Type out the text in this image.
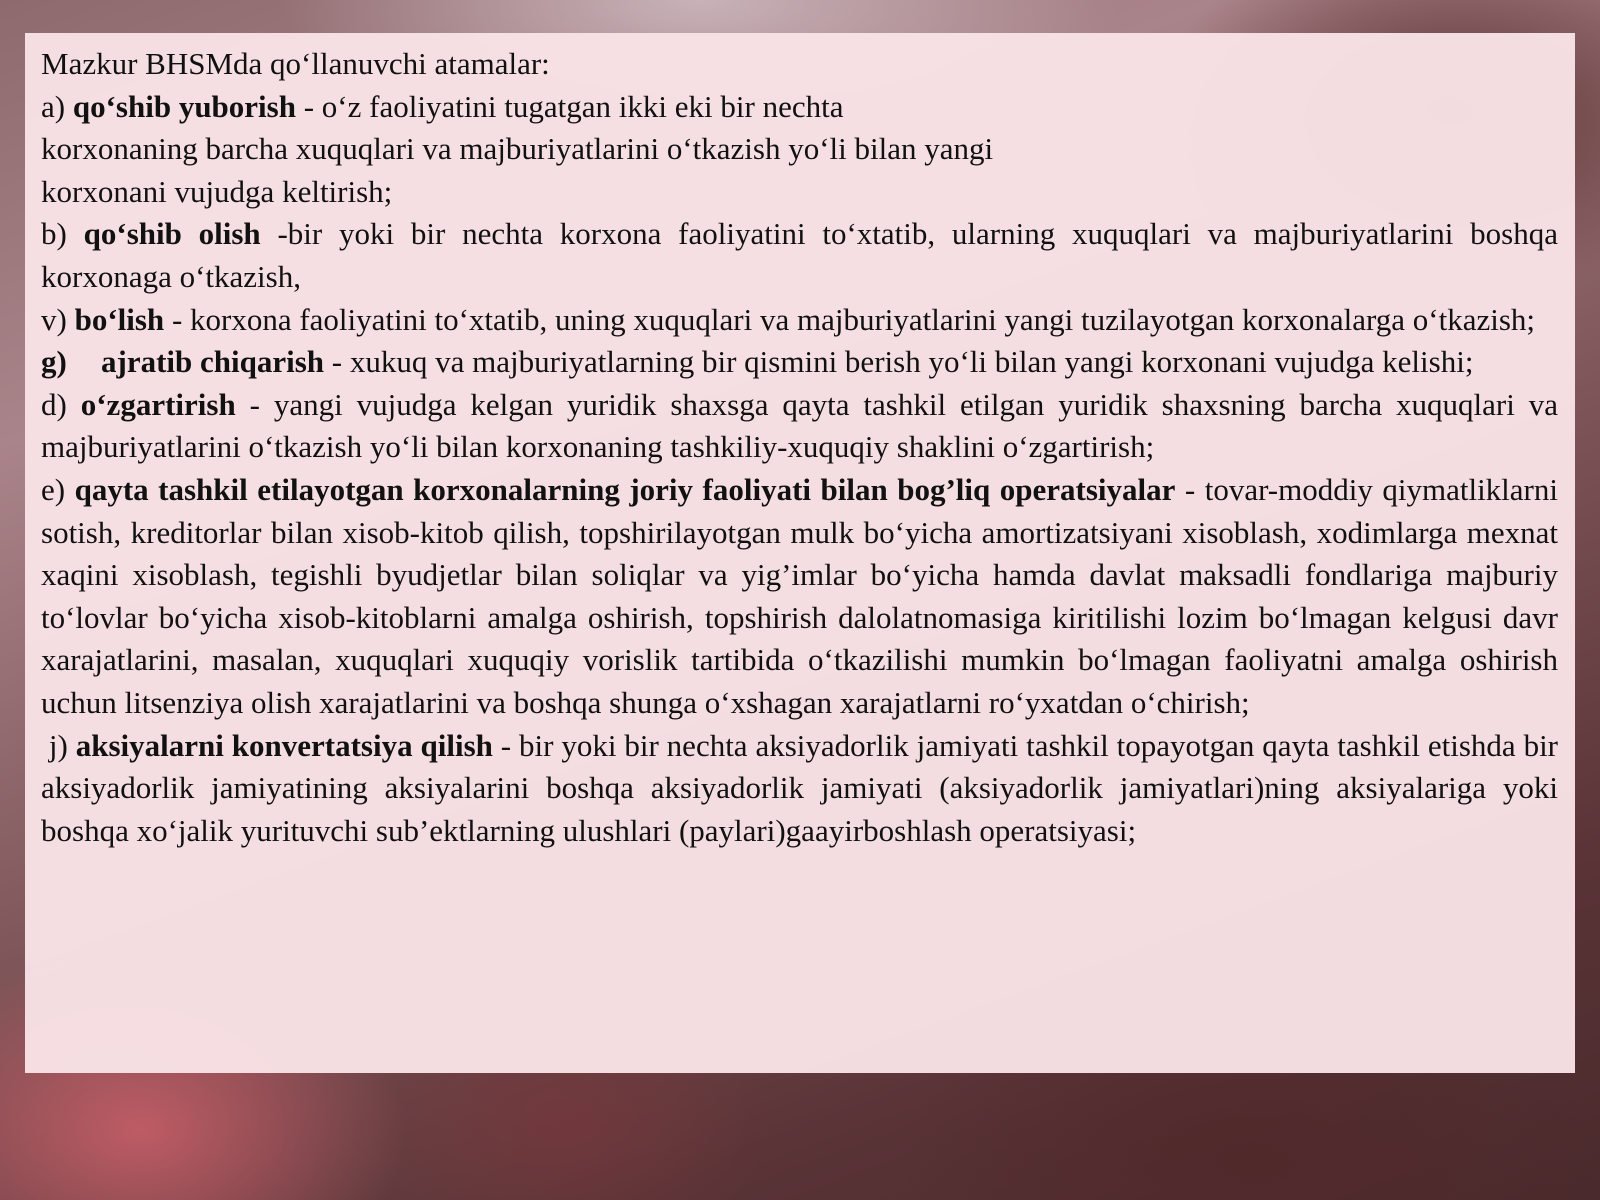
Mazkur BHSMda qo‘llanuvchi atamalar:

a) qo‘shib yuborish - o‘z faoliyatini tugatgan ikki eki bir nechta

korxonaning barcha xuquqlari va majburiyatlarini o‘tkazish yo‘li bilan yangi

korxonani vujudga keltirish;

b) qo‘shib olish -bir yoki bir nechta korxona faoliyatini to‘xtatib, ularning xuquqlari va majburiyatlarini boshqa korxonaga o‘tkazish,

v) bo‘lish - korxona faoliyatini to‘xtatib, uning xuquqlari va majburiyatlarini yangi tuzilayotgan korxonalarga o‘tkazish;

g) ajratib chiqarish - xukuq va majburiyatlarning bir qismini berish yo‘li bilan yangi korxonani vujudga kelishi;

d) o‘zgartirish - yangi vujudga kelgan yuridik shaxsga qayta tashkil etilgan yuridik shaxsning barcha xuquqlari va majburiyatlarini o‘tkazish yo‘li bilan korxonaning tashkiliy-xuquqiy shaklini o‘zgartirish;

e) qayta tashkil etilayotgan korxonalarning joriy faoliyati bilan bog’liq operatsiyalar - tovar-moddiy qiymatliklarni sotish, kreditorlar bilan xisob-kitob qilish, topshirilayotgan mulk bo‘yicha amortizatsiyani xisoblash, xodimlarga mexnat xaqini xisoblash, tegishli byudjetlar bilan soliqlar va yig’imlar bo‘yicha hamda davlat maksadli fondlariga majburiy to‘lovlar bo‘yicha xisob-kitoblarni amalga oshirish, topshirish dalolatnomasiga kiritilishi lozim bo‘lmagan kelgusi davr xarajatlarini, masalan, xuquqlari xuquqiy vorislik tartibida o‘tkazilishi mumkin bo‘lmagan faoliyatni amalga oshirish uchun litsenziya olish xarajatlarini va boshqa shunga o‘xshagan xarajatlarni ro‘yxatdan o‘chirish;

j) aksiyalarni konvertatsiya qilish - bir yoki bir nechta aksiyadorlik jamiyati tashkil topayotgan qayta tashkil etishda bir aksiyadorlik jamiyatining aksiyalarini boshqa aksiyadorlik jamiyati (aksiyadorlik jamiyatlari)ning aksiyalariga yoki boshqa xo‘jalik yurituvchi sub’ektlarning ulushlari (paylari)gaayirboshlash operatsiyasi;
